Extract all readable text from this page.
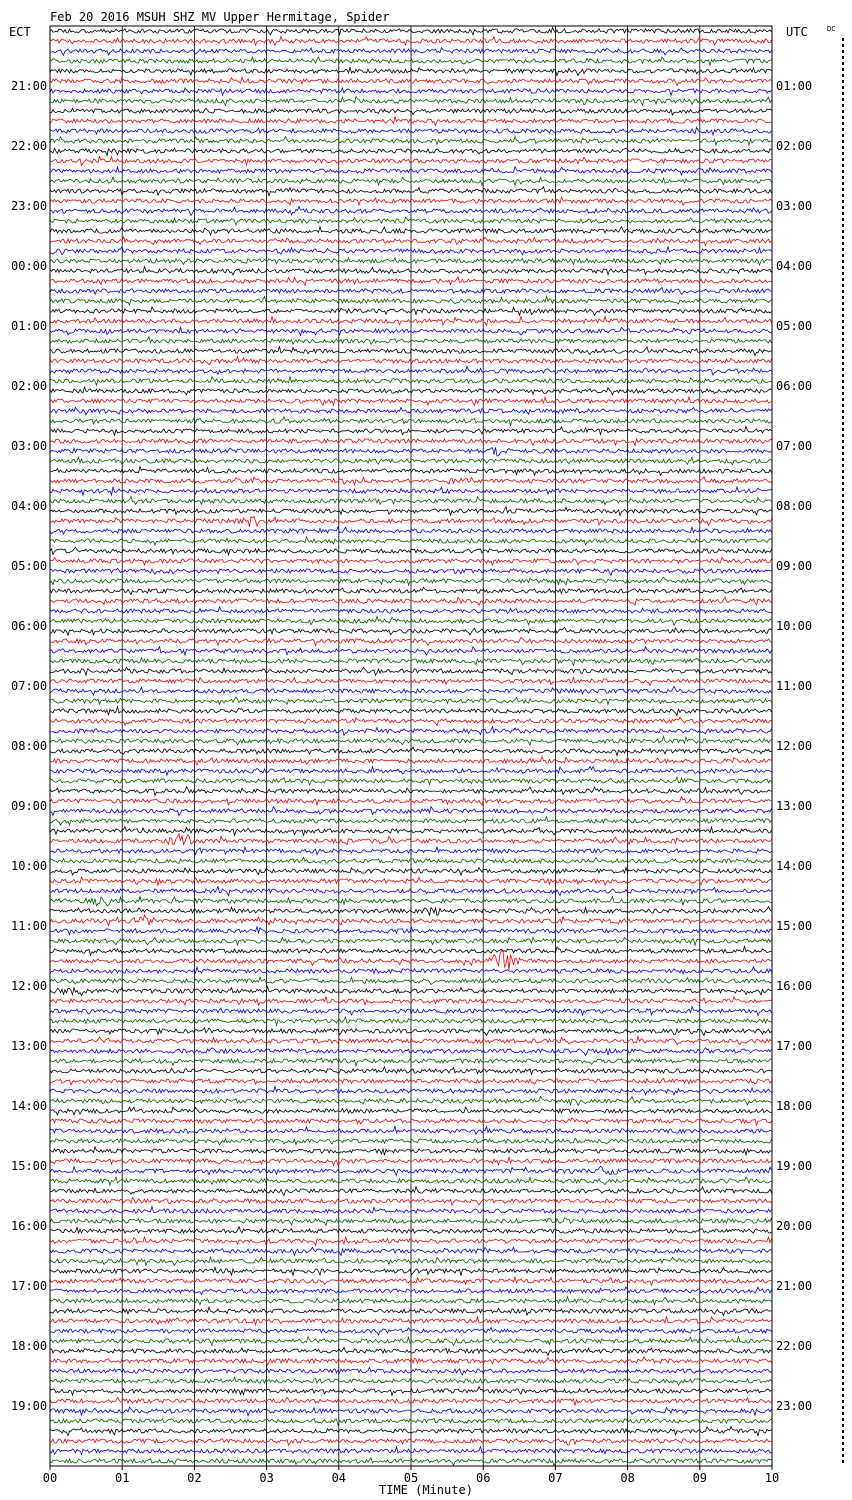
Feb 20 2016 MSUH SHZ MV Upper Hermitage, Spider
ECT	UTC	DC
TIME (Minute)
21:00
22:00
23:00
00:00
01:00
02:00
03:00
04:00
05:00
06:00
07:00
08:00
09:00
10:00
11:00
12:00
13:00
14:00
15:00
16:00
17:00
18:00
19:00
01:00
02:00
03:00
04:00
05:00
06:00
07:00
08:00
09:00
10:00
11:00
12:00
13:00
14:00
15:00
16:00
17:00
18:00
19:00
20:00
21:00
22:00
23:00
00	01	02	03	04	05	06	07	08	09	10
